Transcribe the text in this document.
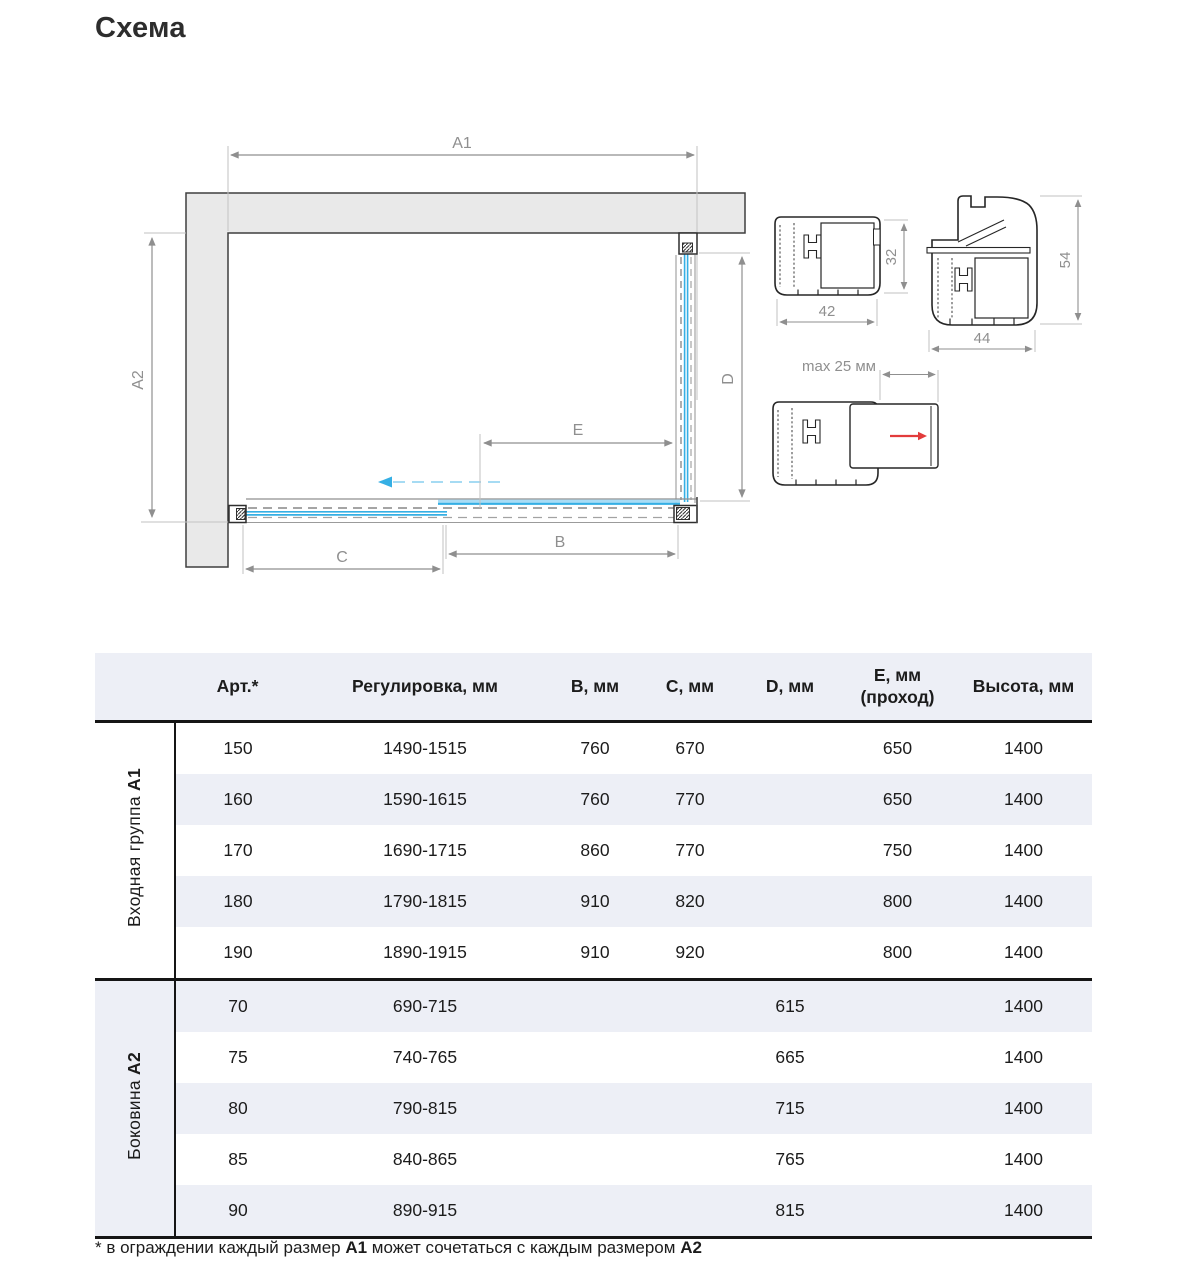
Схема
A1
A2	D
E
B
C
42
32
44
54
max 25 мм
	Арт.*	Регулировка, мм	В, мм	С, мм	D, мм	Е, мм (проход)	Высота, мм
Входная группа А1	150	1490-1515	760	670		650	1400
	160	1590-1615	760	770		650	1400
	170	1690-1715	860	770		750	1400
	180	1790-1815	910	820		800	1400
	190	1890-1915	910	920		800	1400
Боковина А2	70	690-715			615		1400
	75	740-765			665		1400
	80	790-815			715		1400
	85	840-865			765		1400
	90	890-915			815		1400
* в ограждении каждый размер А1 может сочетаться с каждым размером А2
